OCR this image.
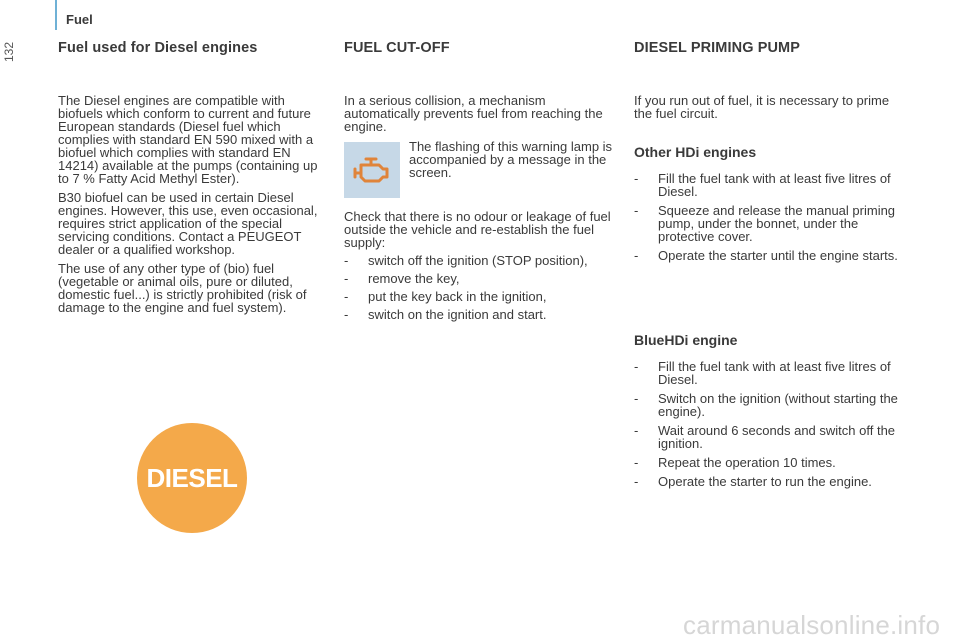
Fuel
132	Fuel used for Diesel engines

The Diesel engines are compatible with biofuels which conform to current and future European standards (Diesel fuel which complies with standard EN 590 mixed with a biofuel which complies with standard EN 14214) available at the pumps (containing up to 7 % Fatty Acid Methyl Ester).

B30 biofuel can be used in certain Diesel engines. However, this use, even occasional, requires strict application of the special servicing conditions. Contact a PEUGEOT dealer or a qualified workshop.

The use of any other type of (bio) fuel (vegetable or animal oils, pure or diluted, domestic fuel...) is strictly prohibited (risk of damage to the engine and fuel system).

DIESEL
FUEL CUT-OFF

In a serious collision, a mechanism automatically prevents fuel from reaching the engine.

The flashing of this warning lamp is accompanied by a message in the screen.

Check that there is no odour or leakage of fuel outside the vehicle and re-establish the fuel supply:

- switch off the ignition (STOP position),
- remove the key,
- put the key back in the ignition,
- switch on the ignition and start.
DIESEL PRIMING PUMP

If you run out of fuel, it is necessary to prime the fuel circuit.

Other HDi engines
- Fill the fuel tank with at least five litres of Diesel.
- Squeeze and release the manual priming pump, under the bonnet, under the protective cover.
- Operate the starter until the engine starts.
BlueHDi engine
- Fill the fuel tank with at least five litres of Diesel.
- Switch on the ignition (without starting the engine).
- Wait around 6 seconds and switch off the ignition.
- Repeat the operation 10 times.
- Operate the starter to run the engine.
carmanualsonline.info
